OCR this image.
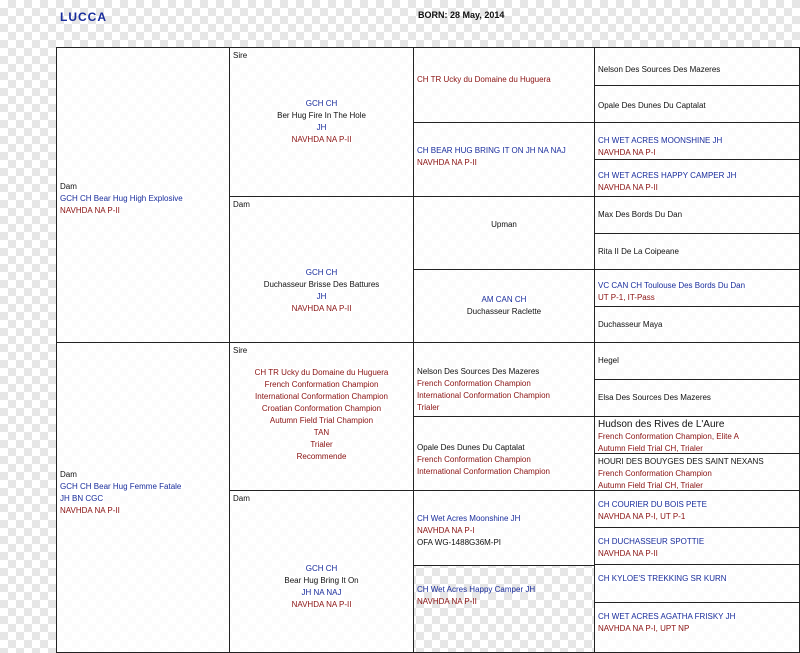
LUCCA	BORN: 28 May, 2014
Dam
GCH CH Bear Hug High Explosive
NAVHDA NA P-II
Dam
GCH CH Bear Hug Femme Fatale
JH BN CGC
NAVHDA NA P-II
Sire
GCH CH
Ber Hug Fire In The Hole
JH
NAVHDA NA P-II
Dam
GCH CH
Duchasseur Brisse Des Battures
JH
NAVHDA NA P-II
Sire
CH TR Ucky du Domaine du Huguera
French Conformation Champion
International Conformation Champion
Croatian Conformation Champion
Autumn Field Trial Champion
TAN
Trialer
Recommende
Dam
GCH CH
Bear Hug Bring It On
JH NA NAJ
NAVHDA NA P-II
CH TR Ucky du Domaine du Huguera
CH BEAR HUG BRING IT ON JH NA NAJ
NAVHDA NA P-II
Upman
AM CAN CH
Duchasseur Raclette
Nelson Des Sources Des Mazeres
French Conformation Champion
International Conformation Champion
Trialer
Opale Des Dunes Du Captalat
French Conformation Champion
International Conformation Champion
CH Wet Acres Moonshine JH
NAVHDA NA P-I
OFA WG-1488G36M-PI
CH Wet Acres Happy Camper JH
NAVHDA NA P-II
Nelson Des Sources Des Mazeres
Opale Des Dunes Du Captalat
CH WET ACRES MOONSHINE JH
NAVHDA NA P-I
CH WET ACRES HAPPY CAMPER JH
NAVHDA NA P-II
Max Des Bords Du Dan
Rita II De La Coipeane
VC CAN CH Toulouse Des Bords Du Dan
UT P-1, IT-Pass
Duchasseur Maya
Hegel
Elsa Des Sources Des Mazeres
Hudson des Rives de L'Aure
French Conformation Champion, Elite A
Autumn Field Trial CH, Trialer
HOURI DES BOUYGES DES SAINT NEXANS
French Conformation Champion
Autumn Field Trial CH, Trialer
CH COURIER DU BOIS PETE
NAVHDA NA P-I, UT P-1
CH DUCHASSEUR SPOTTIE
NAVHDA NA P-II
CH KYLOE'S TREKKING SR KURN
CH WET ACRES AGATHA FRISKY JH
NAVHDA NA P-I, UPT NP
